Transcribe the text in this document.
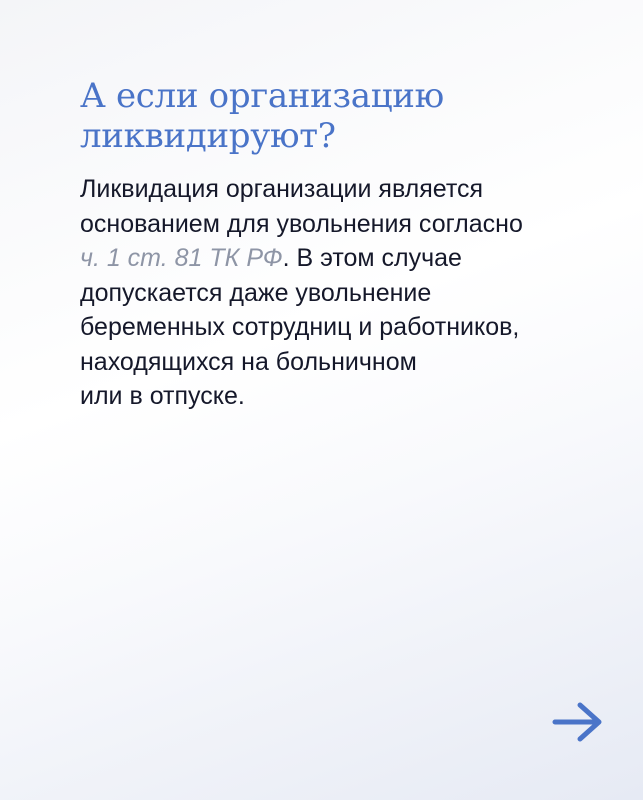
А если организацию
ликвидируют?

Ликвидация организации является
основанием для увольнения согласно
ч. 1 ст. 81 ТК РФ. В этом случае
допускается даже увольнение
беременных сотрудниц и работников,
находящихся на больничном
или в отпуске.
